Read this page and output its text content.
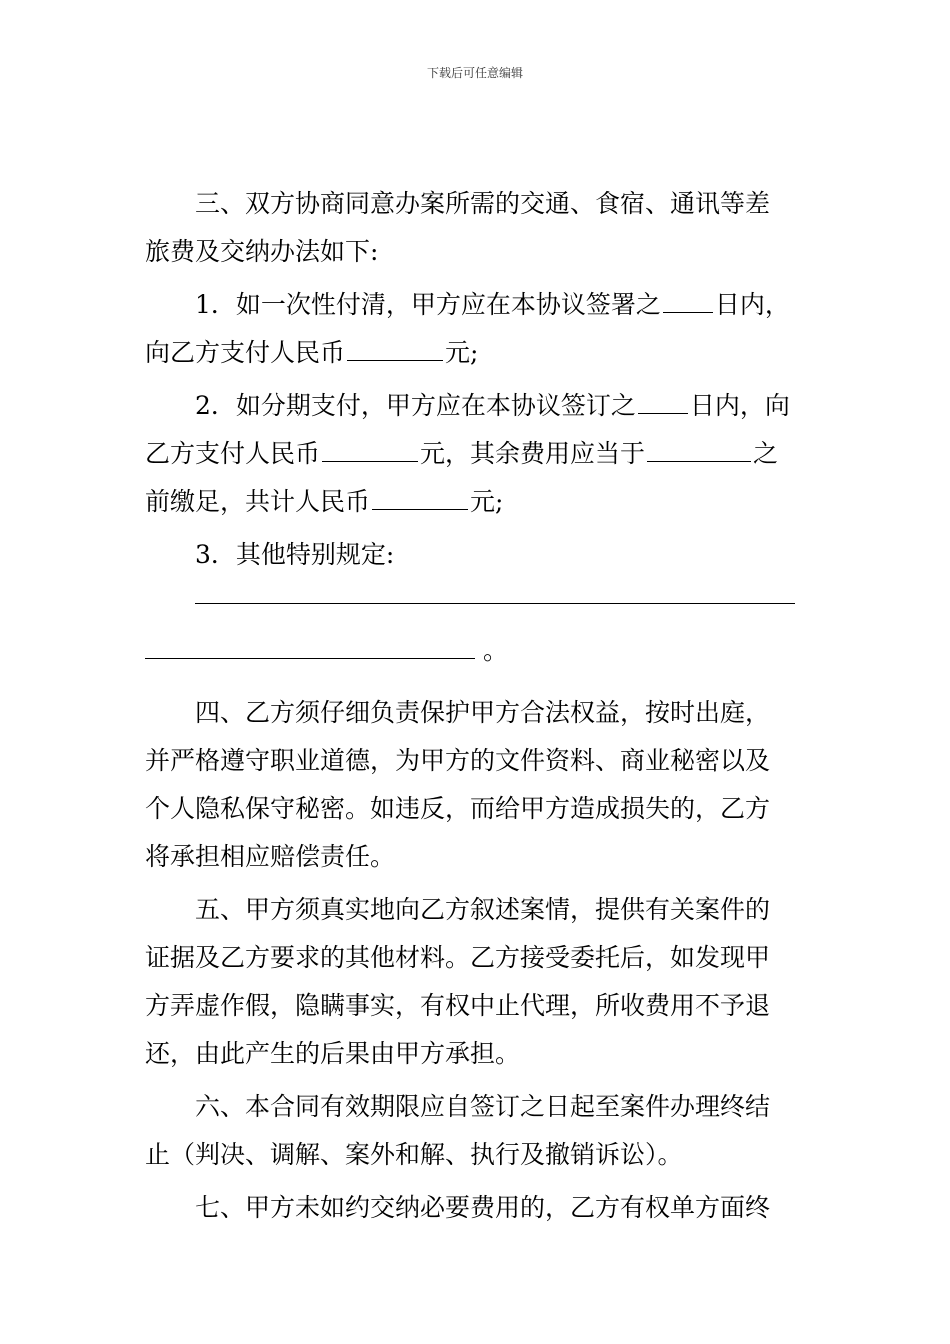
下载后可任意编辑
三、双方协商同意办案所需的交通、食宿、通讯等差
旅费及交纳办法如下:
1．如一次性付清，甲方应在本协议签署之 日内，
向乙方支付人民币	元;
2．如分期支付，甲方应在本协议签订之 日内，向
乙方支付人民币	元，其余费用应当于	之
前缴足，共计人民币	元;
3．其他特别规定:
。
四、乙方须仔细负责保护甲方合法权益，按时出庭，
并严格遵守职业道德，为甲方的文件资料、商业秘密以及
个人隐私保守秘密。如违反，而给甲方造成损失的，乙方
将承担相应赔偿责任。
五、甲方须真实地向乙方叙述案情，提供有关案件的
证据及乙方要求的其他材料。乙方接受委托后，如发现甲
方弄虚作假，隐瞒事实，有权中止代理，所收费用不予退
还，由此产生的后果由甲方承担。
六、本合同有效期限应自签订之日起至案件办理终结
止（判决、调解、案外和解、执行及撤销诉讼）。
七、甲方未如约交纳必要费用的，乙方有权单方面终
